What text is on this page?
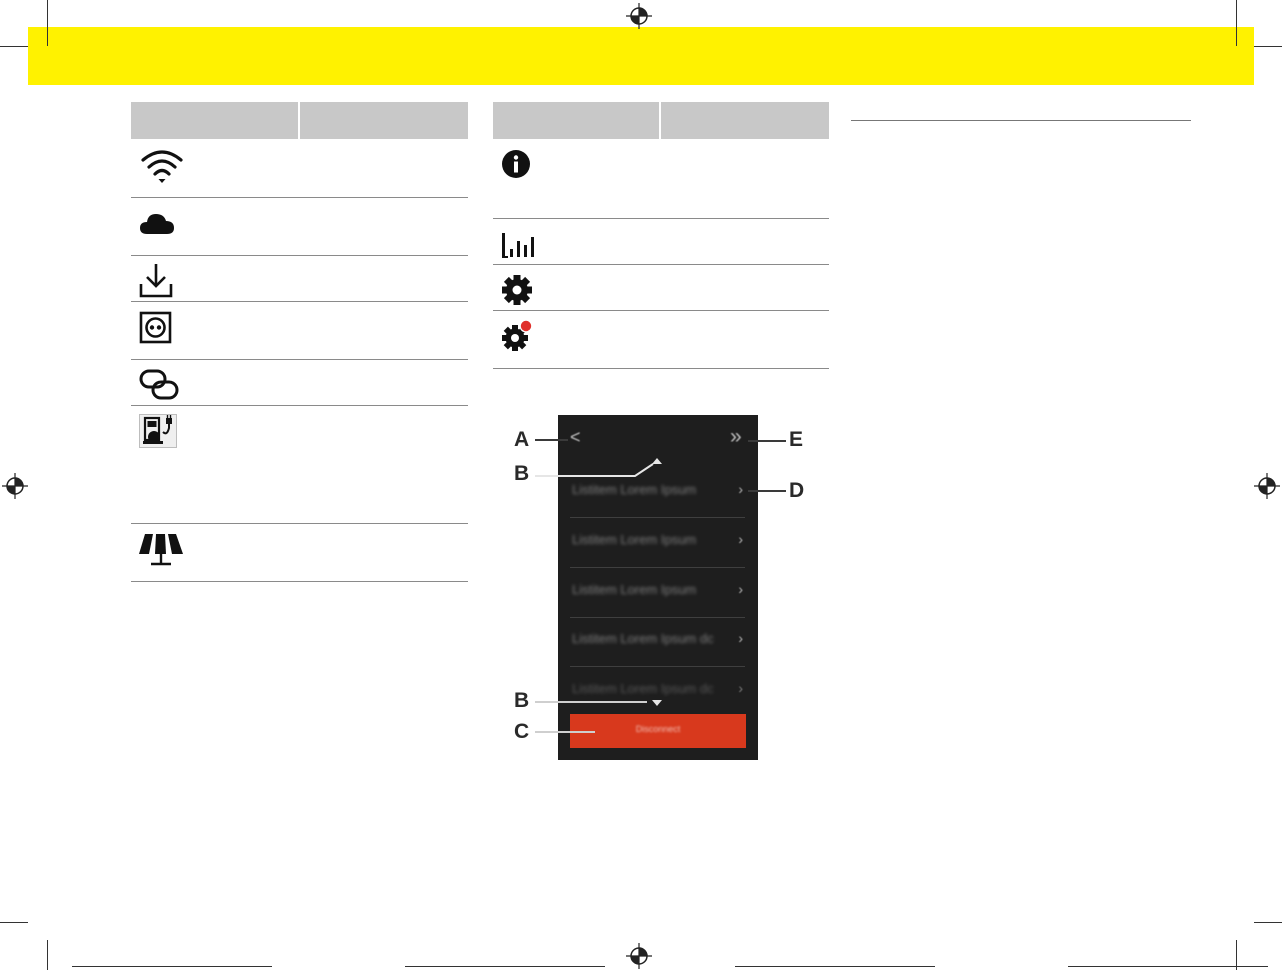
<	»
Listitem Lorem Ipsum	›
Listitem Lorem Ipsum	›
Listitem Lorem Ipsum	›
Listitem Lorem Ipsum dc ›
Listitem Lorem Ipsum dc ›
Disconnect
A
B
B
C
D
E
